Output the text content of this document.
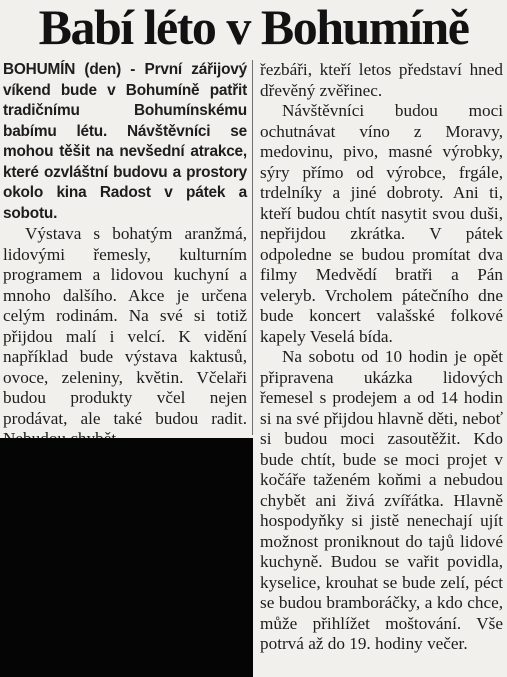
Babí léto v Bohumíně

BOHUMÍN (den) - První zářijový víkend bude v Bohumíně patřit tradičnímu Bohumínskému babímu létu. Návštěvníci se mohou těšit na nevšední atrakce, které ozvláštní budovu a prostory okolo kina Radost v pátek a sobotu.

Výstava s bohatým aranžmá, lidovými řemesly, kulturním programem a lidovou kuchyní a mnoho dalšího. Akce je určena celým rodinám. Na své si totiž přijdou malí i velcí. K vidění například bude výstava kaktusů, ovoce, zeleniny, květin. Včelaři budou produkty včel nejen prodávat, ale také budou radit.

řezbáři, kteří letos představí hned dřevěný zvěřinec.

Návštěvníci budou moci ochutnávat víno z Moravy, medovinu, pivo, masné výrobky, sýry přímo od výrobce, frgále, trdelníky a jiné dobroty. Ani ti, kteří budou chtít nasytit svou duši, nepřijdou zkrátka. V pátek odpoledne se budou promítat dva filmy Medvědí bratři a Pán veleryb. Vrcholem pátečního dne bude koncert valašské folkové kapely Veselá bída.

Na sobotu od 10 hodin je opět připravena ukázka lidových řemesel s prodejem a od 14 hodin si na své přijdou hlavně děti, neboť si budou moci zasoutěžit. Kdo bude chtít, bude se moci projet v kočáře taženém koňmi a nebudou chybět ani živá zvířátka. Hlavně hospodyňky si jistě nenechají ujít možnost proniknout do tajů lidové kuchyně. Budou se vařit povidla, kyselice, krouhat se bude zelí, péct se budou bramboráčky, a kdo chce, může přihlížet moštování. Vše potrvá až do 19. hodiny večer.
